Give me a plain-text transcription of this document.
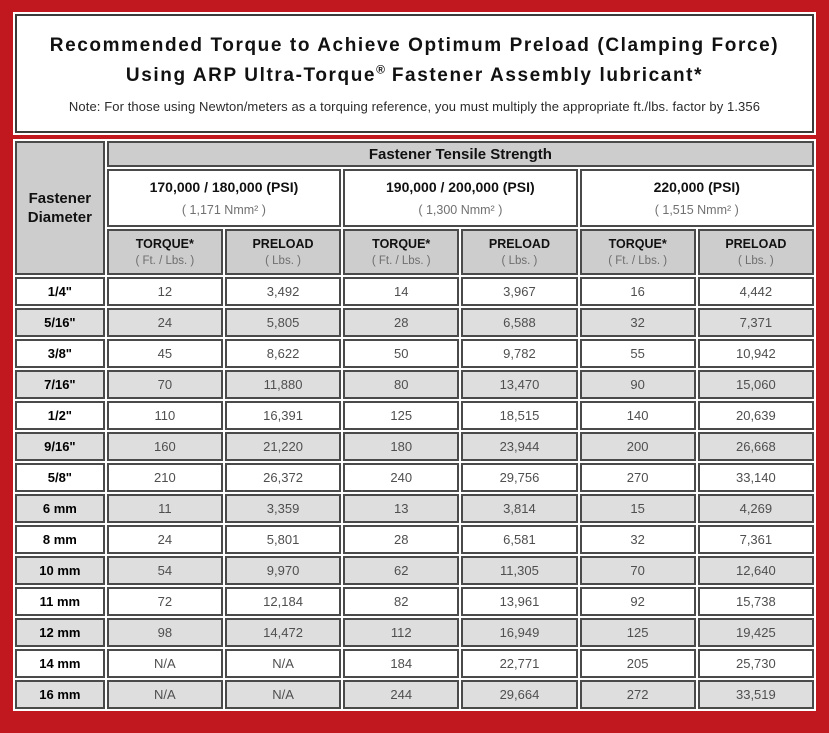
Recommended Torque to Achieve Optimum Preload (Clamping Force)
Using ARP Ultra-Torque® Fastener Assembly lubricant*

Note: For those using Newton/meters as a torquing reference, you must multiply the appropriate ft./lbs. factor by 1.356

Fastener
Diameter	Fastener Tensile Strength					

170,000 / 180,000 (PSI)
( 1,171 Nmm² )

190,000 / 200,000 (PSI)
( 1,300 Nmm² )

220,000 (PSI)
( 1,515 Nmm² )

TORQUE*
( Ft. / Lbs. )

PRELOAD
( Lbs. )

TORQUE*
( Ft. / Lbs. )

PRELOAD
( Lbs. )

TORQUE*
( Ft. / Lbs. )

PRELOAD
( Lbs. )

1/4"	12	3,492	14	3,967	16	4,442
5/16"	24	5,805	28	6,588	32	7,371
3/8"	45	8,622	50	9,782	55	10,942
7/16"	70	11,880	80	13,470	90	15,060
1/2"	110	16,391	125	18,515	140	20,639
9/16"	160	21,220	180	23,944	200	26,668
5/8"	210	26,372	240	29,756	270	33,140
6 mm	11	3,359	13	3,814	15	4,269
8 mm	24	5,801	28	6,581	32	7,361
10 mm	54	9,970	62	11,305	70	12,640
11 mm	72	12,184	82	13,961	92	15,738
12 mm	98	14,472	112	16,949	125	19,425
14 mm	N/A	N/A	184	22,771	205	25,730
16 mm	N/A	N/A	244	29,664	272	33,519
